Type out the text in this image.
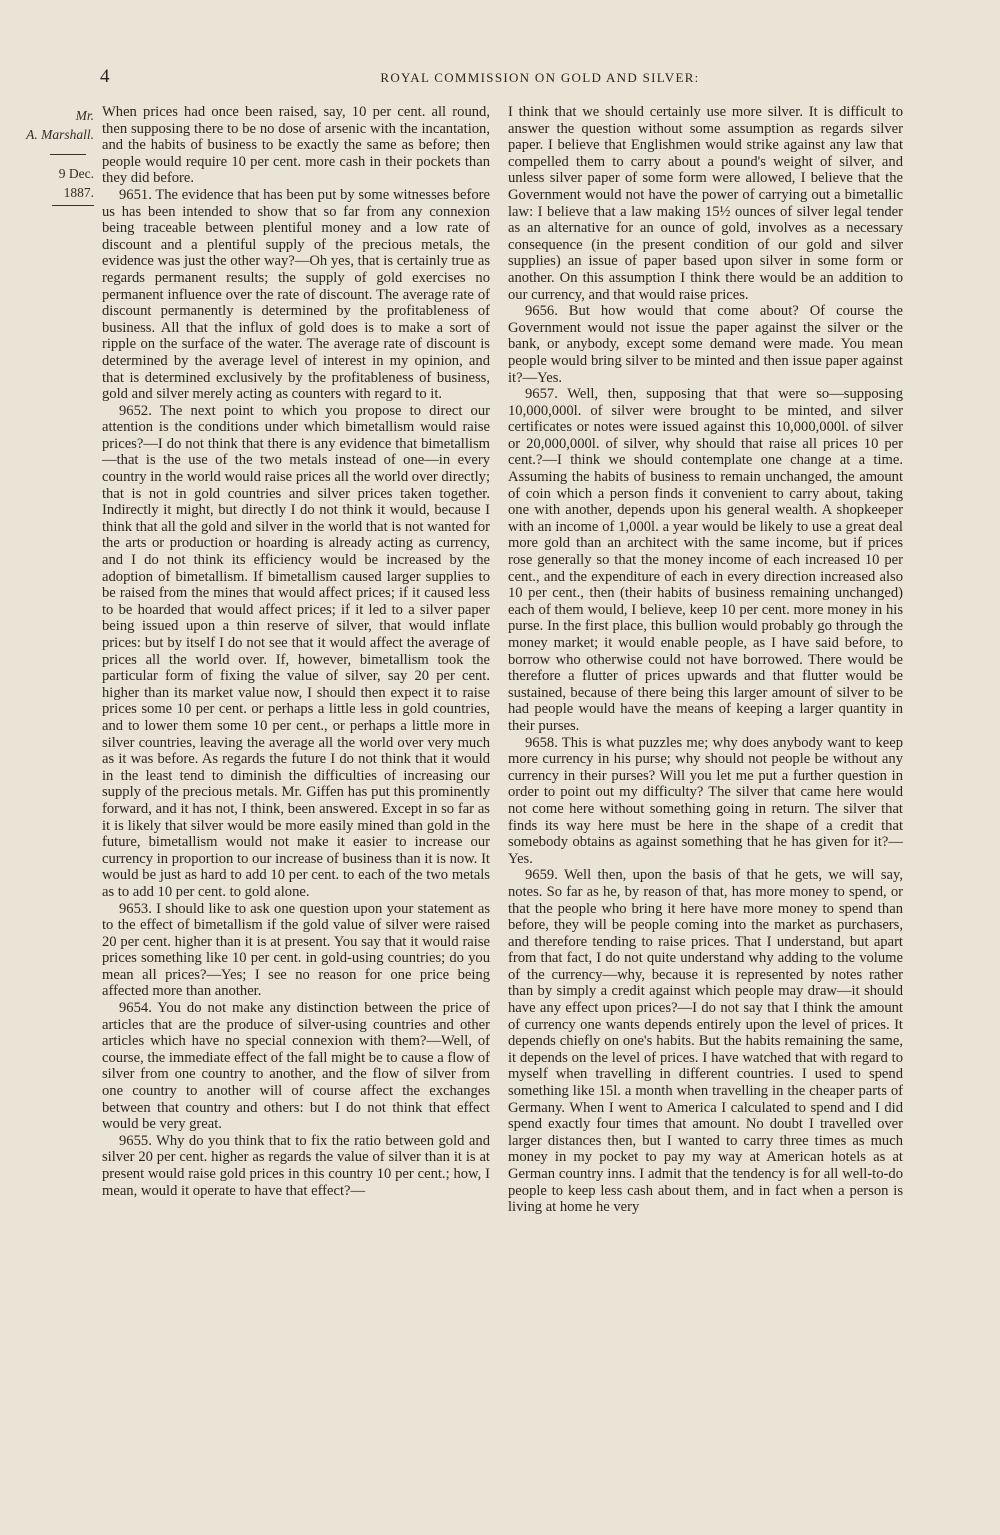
4	ROYAL COMMISSION ON GOLD AND SILVER:
Mr.
A. Marshall.
9 Dec. 1887.

When prices had once been raised, say, 10 per cent. all round, then supposing there to be no dose of arsenic with the incantation, and the habits of business to be exactly the same as before; then people would require 10 per cent. more cash in their pockets than they did before.

9651. The evidence that has been put by some witnesses before us has been intended to show that so far from any connexion being traceable between plentiful money and a low rate of discount and a plentiful supply of the precious metals, the evidence was just the other way?—Oh yes, that is certainly true as regards permanent results; the supply of gold exercises no permanent influence over the rate of discount. The average rate of discount permanently is determined by the profitableness of business. All that the influx of gold does is to make a sort of ripple on the surface of the water. The average rate of discount is determined by the average level of interest in my opinion, and that is determined exclusively by the profitableness of business, gold and silver merely acting as counters with regard to it.

9652. The next point to which you propose to direct our attention is the conditions under which bimetallism would raise prices?—I do not think that there is any evidence that bimetallism—that is the use of the two metals instead of one—in every country in the world would raise prices all the world over directly; that is not in gold countries and silver prices taken together. Indirectly it might, but directly I do not think it would, because I think that all the gold and silver in the world that is not wanted for the arts or production or hoarding is already acting as currency, and I do not think its efficiency would be increased by the adoption of bimetallism. If bimetallism caused larger supplies to be raised from the mines that would affect prices; if it caused less to be hoarded that would affect prices; if it led to a silver paper being issued upon a thin reserve of silver, that would inflate prices: but by itself I do not see that it would affect the average of prices all the world over. If, however, bimetallism took the particular form of fixing the value of silver, say 20 per cent. higher than its market value now, I should then expect it to raise prices some 10 per cent. or perhaps a little less in gold countries, and to lower them some 10 per cent., or perhaps a little more in silver countries, leaving the average all the world over very much as it was before. As regards the future I do not think that it would in the least tend to diminish the difficulties of increasing our supply of the precious metals. Mr. Giffen has put this prominently forward, and it has not, I think, been answered. Except in so far as it is likely that silver would be more easily mined than gold in the future, bimetallism would not make it easier to increase our currency in proportion to our increase of business than it is now. It would be just as hard to add 10 per cent. to each of the two metals as to add 10 per cent. to gold alone.

9653. I should like to ask one question upon your statement as to the effect of bimetallism if the gold value of silver were raised 20 per cent. higher than it is at present. You say that it would raise prices something like 10 per cent. in gold-using countries; do you mean all prices?—Yes; I see no reason for one price being affected more than another.

9654. You do not make any distinction between the price of articles that are the produce of silver-using countries and other articles which have no special connexion with them?—Well, of course, the immediate effect of the fall might be to cause a flow of silver from one country to another, and the flow of silver from one country to another will of course affect the exchanges between that country and others: but I do not think that effect would be very great.

9655. Why do you think that to fix the ratio between gold and silver 20 per cent. higher as regards the value of silver than it is at present would raise gold prices in this country 10 per cent.; how, I mean, would it operate to have that effect?—

I think that we should certainly use more silver. It is difficult to answer the question without some assumption as regards silver paper. I believe that Englishmen would strike against any law that compelled them to carry about a pound's weight of silver, and unless silver paper of some form were allowed, I believe that the Government would not have the power of carrying out a bimetallic law: I believe that a law making 15½ ounces of silver legal tender as an alternative for an ounce of gold, involves as a necessary consequence (in the present condition of our gold and silver supplies) an issue of paper based upon silver in some form or another. On this assumption I think there would be an addition to our currency, and that would raise prices.

9656. But how would that come about? Of course the Government would not issue the paper against the silver or the bank, or anybody, except some demand were made. You mean people would bring silver to be minted and then issue paper against it?—Yes.

9657. Well, then, supposing that that were so—supposing 10,000,000l. of silver were brought to be minted, and silver certificates or notes were issued against this 10,000,000l. of silver or 20,000,000l. of silver, why should that raise all prices 10 per cent.?—I think we should contemplate one change at a time. Assuming the habits of business to remain unchanged, the amount of coin which a person finds it convenient to carry about, taking one with another, depends upon his general wealth. A shopkeeper with an income of 1,000l. a year would be likely to use a great deal more gold than an architect with the same income, but if prices rose generally so that the money income of each increased 10 per cent., and the expenditure of each in every direction increased also 10 per cent., then (their habits of business remaining unchanged) each of them would, I believe, keep 10 per cent. more money in his purse. In the first place, this bullion would probably go through the money market; it would enable people, as I have said before, to borrow who otherwise could not have borrowed. There would be therefore a flutter of prices upwards and that flutter would be sustained, because of there being this larger amount of silver to be had people would have the means of keeping a larger quantity in their purses.

9658. This is what puzzles me; why does anybody want to keep more currency in his purse; why should not people be without any currency in their purses? Will you let me put a further question in order to point out my difficulty? The silver that came here would not come here without something going in return. The silver that finds its way here must be here in the shape of a credit that somebody obtains as against something that he has given for it?—Yes.

9659. Well then, upon the basis of that he gets, we will say, notes. So far as he, by reason of that, has more money to spend, or that the people who bring it here have more money to spend than before, they will be people coming into the market as purchasers, and therefore tending to raise prices. That I understand, but apart from that fact, I do not quite understand why adding to the volume of the currency—why, because it is represented by notes rather than by simply a credit against which people may draw—it should have any effect upon prices?—I do not say that I think the amount of currency one wants depends entirely upon the level of prices. It depends chiefly on one's habits. But the habits remaining the same, it depends on the level of prices. I have watched that with regard to myself when travelling in different countries. I used to spend something like 15l. a month when travelling in the cheaper parts of Germany. When I went to America I calculated to spend and I did spend exactly four times that amount. No doubt I travelled over larger distances then, but I wanted to carry three times as much money in my pocket to pay my way at American hotels as at German country inns. I admit that the tendency is for all well-to-do people to keep less cash about them, and in fact when a person is living at home he very
